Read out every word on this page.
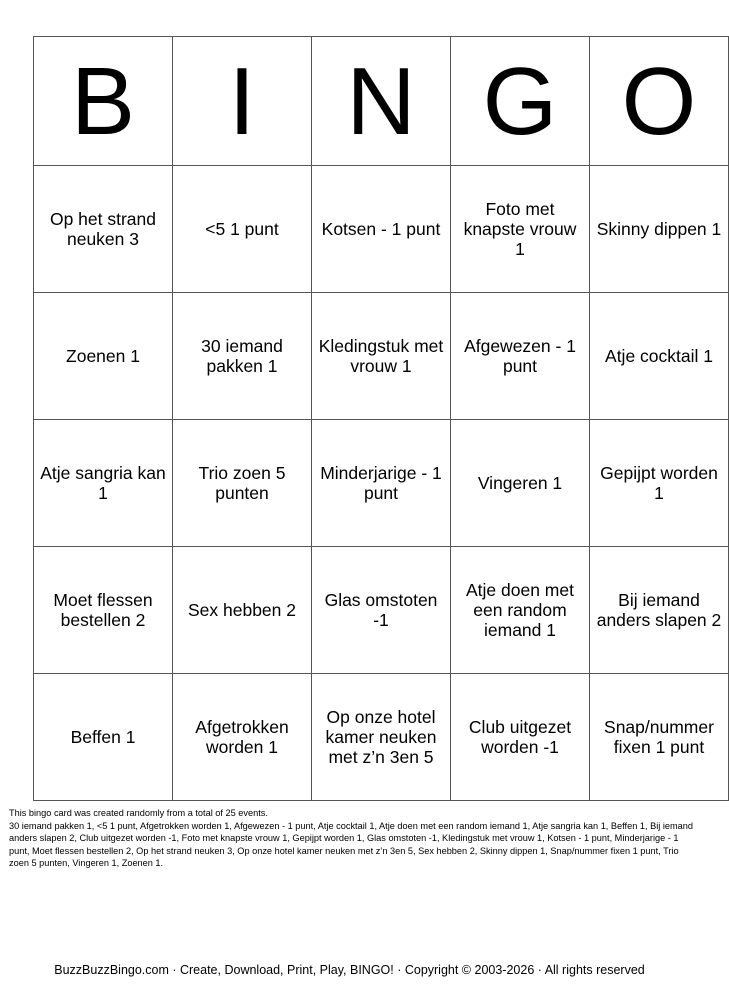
B	I	N	G	O
Op het strand neuken 3	<5 1 punt	Kotsen - 1 punt	Foto met knapste vrouw 1	Skinny dippen 1
Zoenen 1	30 iemand pakken 1	Kledingstuk met vrouw 1	Afgewezen - 1 punt	Atje cocktail 1
Atje sangria kan 1	Trio zoen 5 punten	Minderjarige - 1 punt	Vingeren 1	Gepijpt worden 1
Moet flessen bestellen 2	Sex hebben 2	Glas omstoten -1	Atje doen met een random iemand 1	Bij iemand anders slapen 2
Beffen 1	Afgetrokken worden 1	Op onze hotel kamer neuken met z’n 3en 5	Club uitgezet worden -1	Snap/nummer fixen 1 punt

This bingo card was created randomly from a total of 25 events.

30 iemand pakken 1, <5 1 punt, Afgetrokken worden 1, Afgewezen - 1 punt, Atje cocktail 1, Atje doen met een random iemand 1, Atje sangria kan 1, Beffen 1, Bij iemand anders slapen 2, Club uitgezet worden -1, Foto met knapste vrouw 1, Gepijpt worden 1, Glas omstoten -1, Kledingstuk met vrouw 1, Kotsen - 1 punt, Minderjarige - 1 punt, Moet flessen bestellen 2, Op het strand neuken 3, Op onze hotel kamer neuken met z’n 3en 5, Sex hebben 2, Skinny dippen 1, Snap/nummer fixen 1 punt, Trio zoen 5 punten, Vingeren 1, Zoenen 1.

BuzzBuzzBingo.com · Create, Download, Print, Play, BINGO! · Copyright © 2003-2026 · All rights reserved
